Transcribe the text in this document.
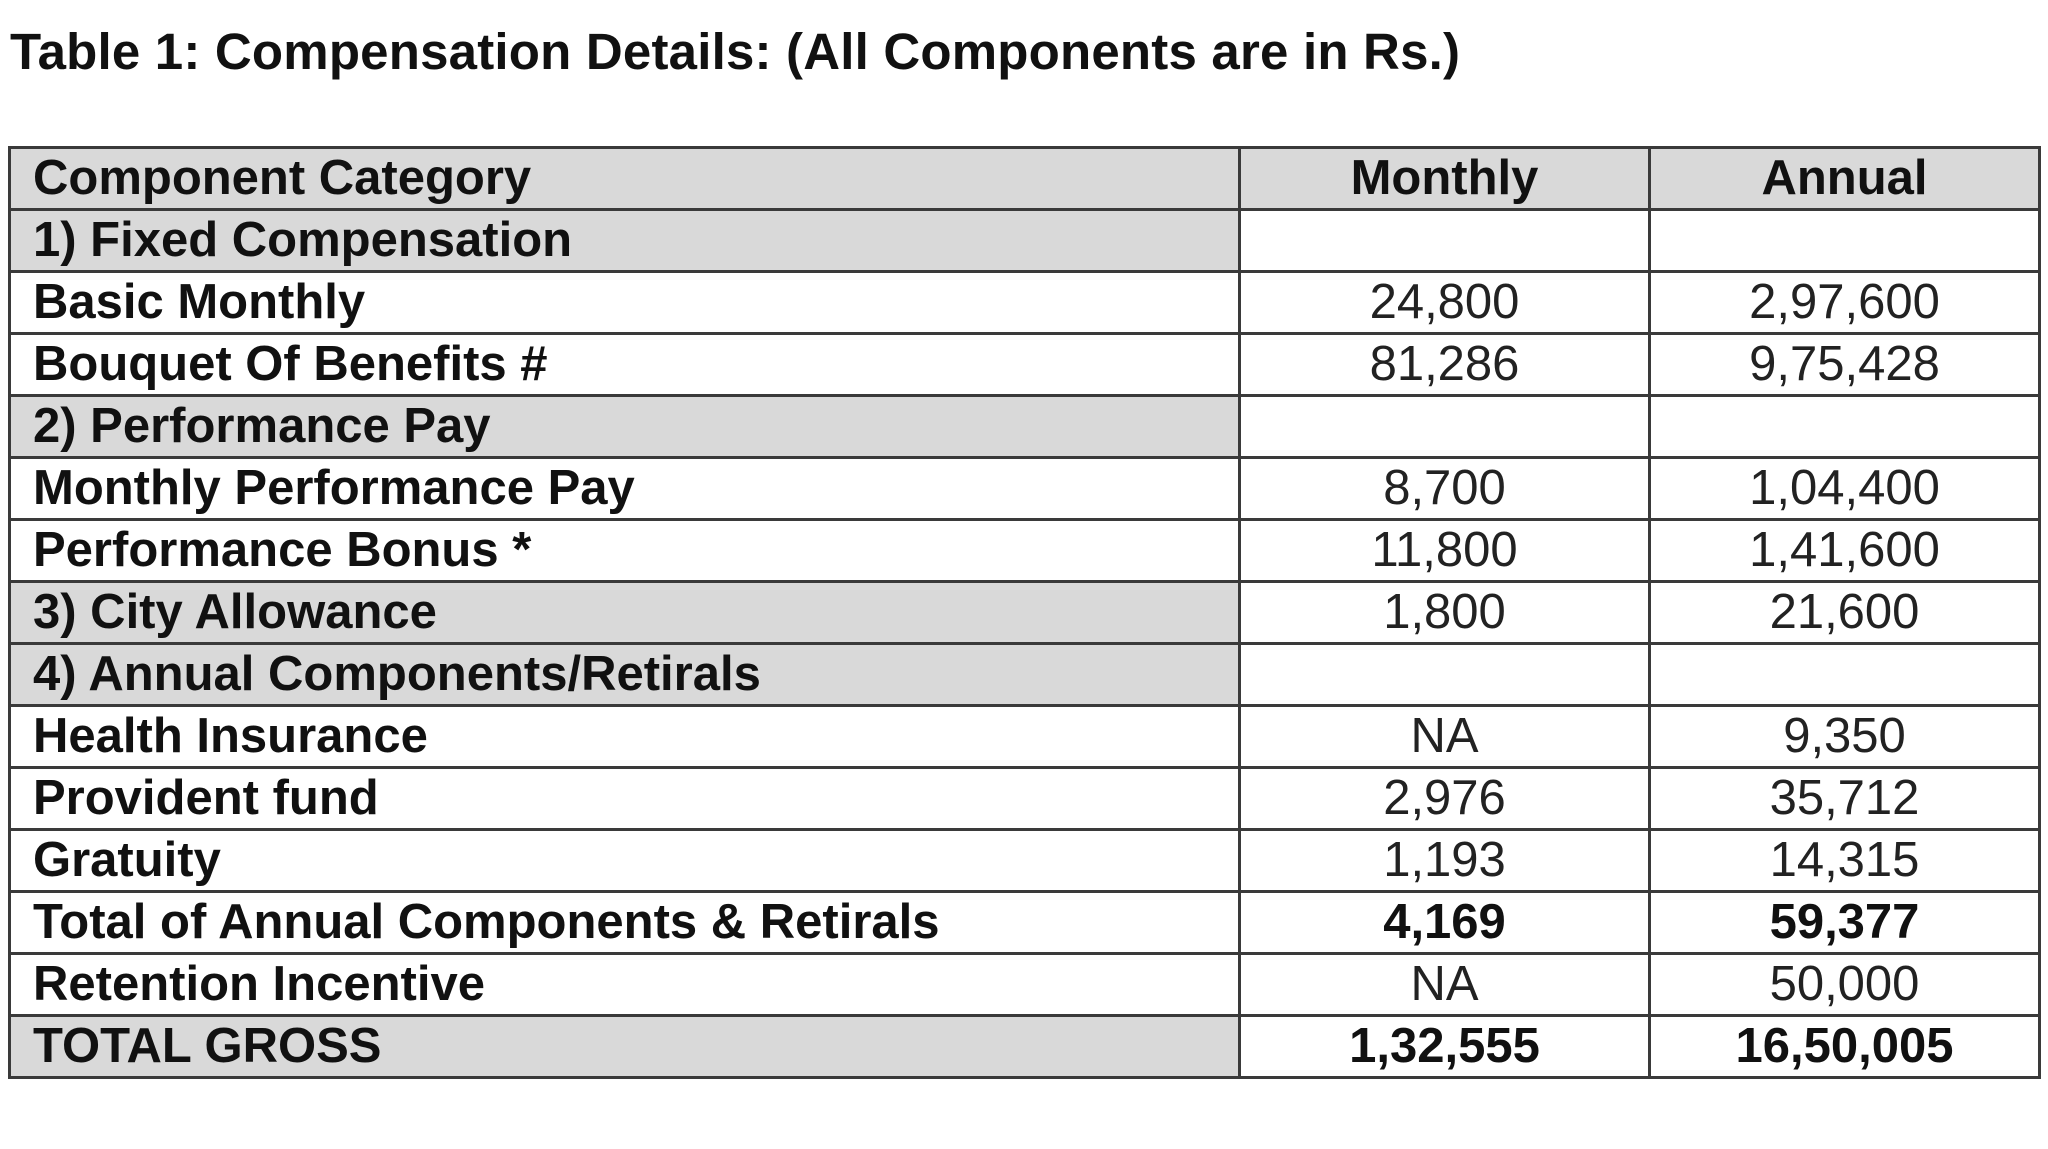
Table 1: Compensation Details: (All Components are in Rs.)
Component Category	Monthly	Annual
1) Fixed Compensation		
Basic Monthly	24,800	2,97,600
Bouquet Of Benefits #	81,286	9,75,428
2) Performance Pay		
Monthly Performance Pay	8,700	1,04,400
Performance Bonus *	11,800	1,41,600
3) City Allowance	1,800	21,600
4) Annual Components/Retirals		
Health Insurance	NA	9,350
Provident fund	2,976	35,712
Gratuity	1,193	14,315
Total of Annual Components & Retirals	4,169	59,377
Retention Incentive	NA	50,000
TOTAL GROSS	1,32,555	16,50,005
